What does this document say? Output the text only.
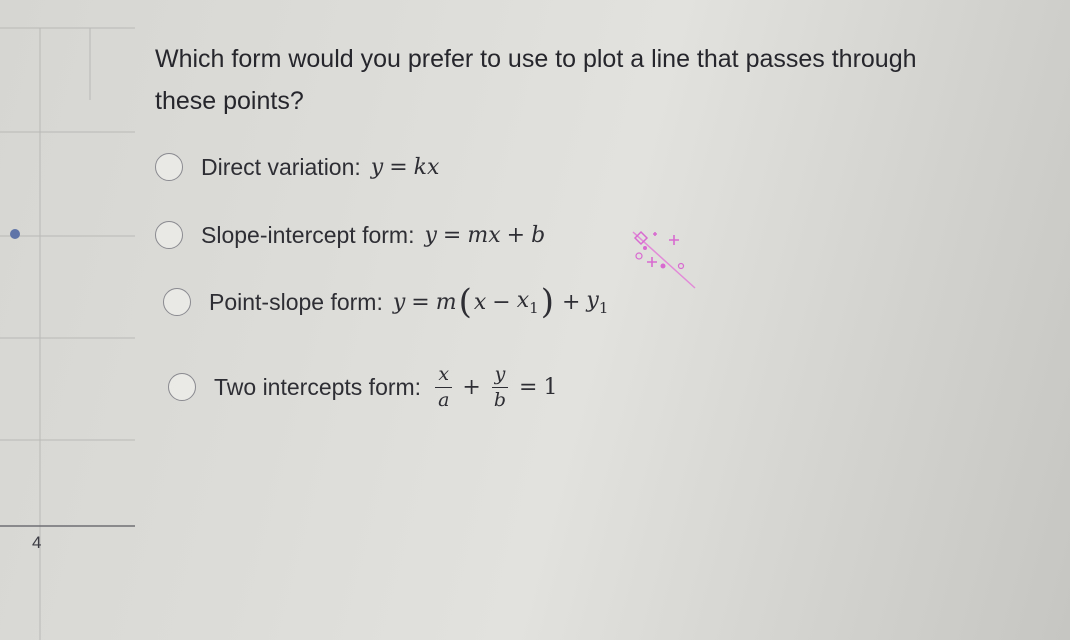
4
Which form would you prefer to use to plot a line that passes through these points?
Direct variation: y = kx
Slope-intercept form: y = mx + b
Point-slope form: y = m ( $x - x_1$ ) + $y_1$
Two intercepts form: $\frac{x}{a} + \frac{y}{b} = 1$
